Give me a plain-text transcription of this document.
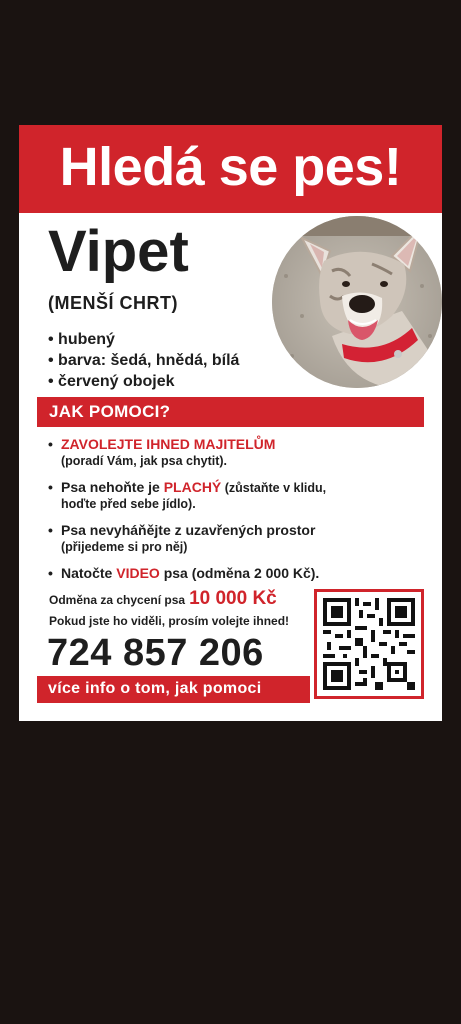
Hledá se pes!
Vipet
(MENŠÍ CHRT)
• hubený
• barva: šedá, hnědá, bílá
• červený obojek
JAK POMOCI?
• ZAVOLEJTE IHNED MAJITELŮM
(poradí Vám, jak psa chytit).
• Psa nehoňte je PLACHÝ (zůstaňte v klidu,
hoďte před sebe jídlo).
• Psa nevyháňějte z uzavřených prostor
(přijedeme si pro něj)
• Natočte VIDEO psa (odměna 2 000 Kč).
Odměna za chycení psa 10 000 Kč
Pokud jste ho viděli, prosím volejte ihned!
724 857 206
více info o tom, jak pomoci
